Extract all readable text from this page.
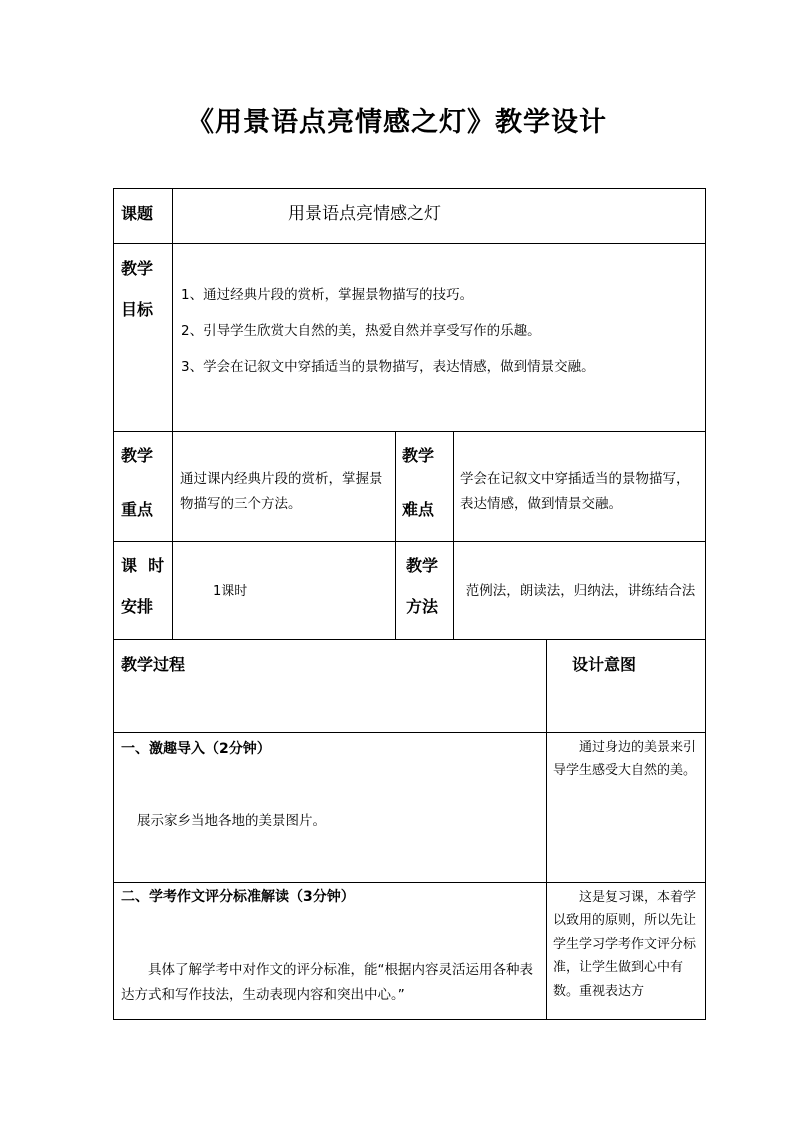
《用景语点亮情感之灯》教学设计
课题	用景语点亮情感之灯
教学
目标
1、通过经典片段的赏析，掌握景物描写的技巧。
2、引导学生欣赏大自然的美，热爱自然并享受写作的乐趣。
3、学会在记叙文中穿插适当的景物描写，表达情感，做到情景交融。
教学
重点
通过课内经典片段的赏析，掌握景物描写的三个方法。
教学
难点
学会在记叙文中穿插适当的景物描写，表达情感，做到情景交融。
课  时
安排
1课时
教学
方法
范例法，朗读法，归纳法，讲练结合法
教学过程	设计意图
一、激趣导入（2分钟）
展示家乡当地各地的美景图片。
通过身边的美景来引导学生感受大自然的美。
二、学考作文评分标准解读（3分钟）
具体了解学考中对作文的评分标准，能“根据内容灵活运用各种表达方式和写作技法，生动表现内容和突出中心。”
这是复习课，本着学以致用的原则，所以先让学生学习学考作文评分标准，让学生做到心中有数。重视表达方
